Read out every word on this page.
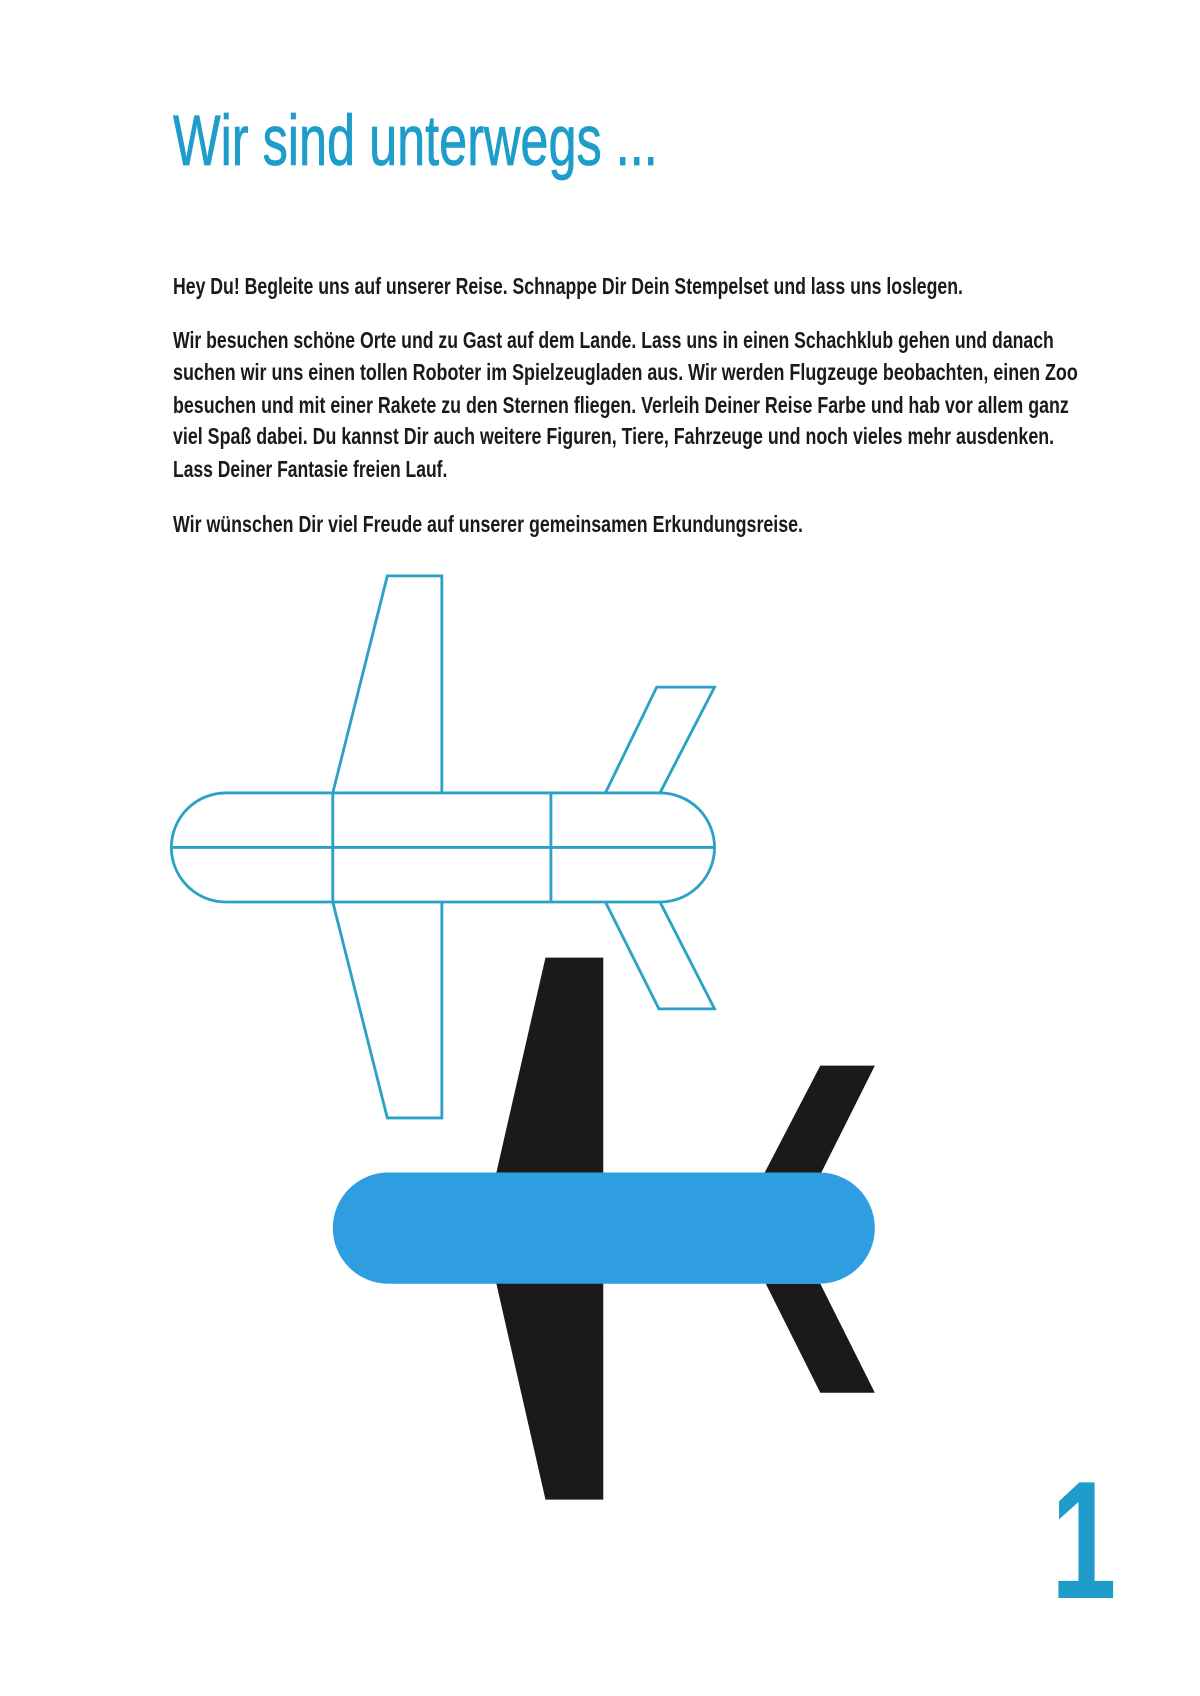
Wir sind unterwegs ...

Hey Du! Begleite uns auf unserer Reise. Schnappe Dir Dein Stempelset und lass uns loslegen.

Wir besuchen schöne Orte und zu Gast auf dem Lande. Lass uns in einen Schachklub gehen und danach

suchen wir uns einen tollen Roboter im Spielzeugladen aus. Wir werden Flugzeuge beobachten, einen Zoo

besuchen und mit einer Rakete zu den Sternen fliegen. Verleih Deiner Reise Farbe und hab vor allem ganz

viel Spaß dabei. Du kannst Dir auch weitere Figuren, Tiere, Fahrzeuge und noch vieles mehr ausdenken.

Lass Deiner Fantasie freien Lauf.

Wir wünschen Dir viel Freude auf unserer gemeinsamen Erkundungsreise.

1
